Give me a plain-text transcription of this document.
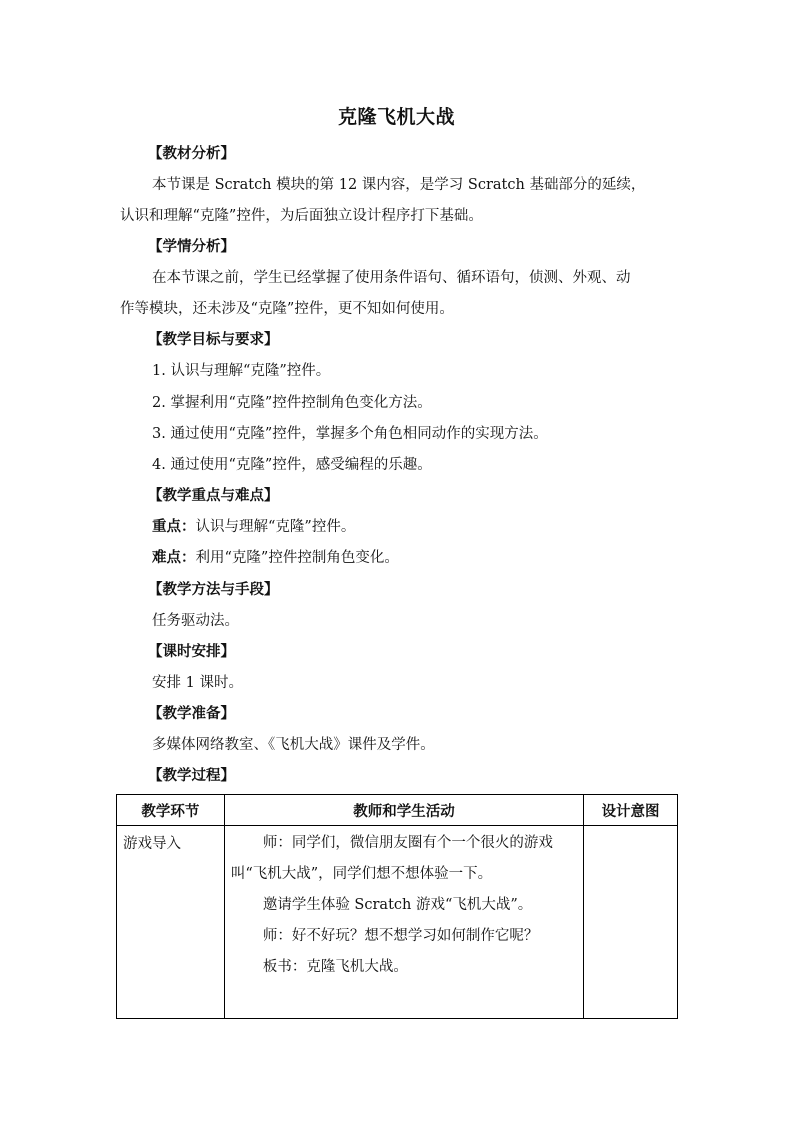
克隆飞机大战
【教材分析】
本节课是 Scratch 模块的第 12 课内容，是学习 Scratch 基础部分的延续，
认识和理解“克隆”控件，为后面独立设计程序打下基础。
【学情分析】
在本节课之前，学生已经掌握了使用条件语句、循环语句，侦测、外观、动
作等模块，还未涉及“克隆”控件，更不知如何使用。
【教学目标与要求】
1. 认识与理解“克隆”控件。
2. 掌握利用“克隆”控件控制角色变化方法。
3. 通过使用“克隆”控件，掌握多个角色相同动作的实现方法。
4. 通过使用“克隆”控件，感受编程的乐趣。
【教学重点与难点】
重点：认识与理解“克隆”控件。
难点：利用“克隆”控件控制角色变化。
【教学方法与手段】
任务驱动法。
【课时安排】
安排 1 课时。
【教学准备】
多媒体网络教室、《飞机大战》课件及学件。
【教学过程】
教学环节	教师和学生活动	设计意图
游戏导入	师：同学们，微信朋友圈有个一个很火的游戏
叫“飞机大战”，同学们想不想体验一下。
邀请学生体验 Scratch 游戏“飞机大战”。
师：好不好玩？想不想学习如何制作它呢？
板书：克隆飞机大战。	
